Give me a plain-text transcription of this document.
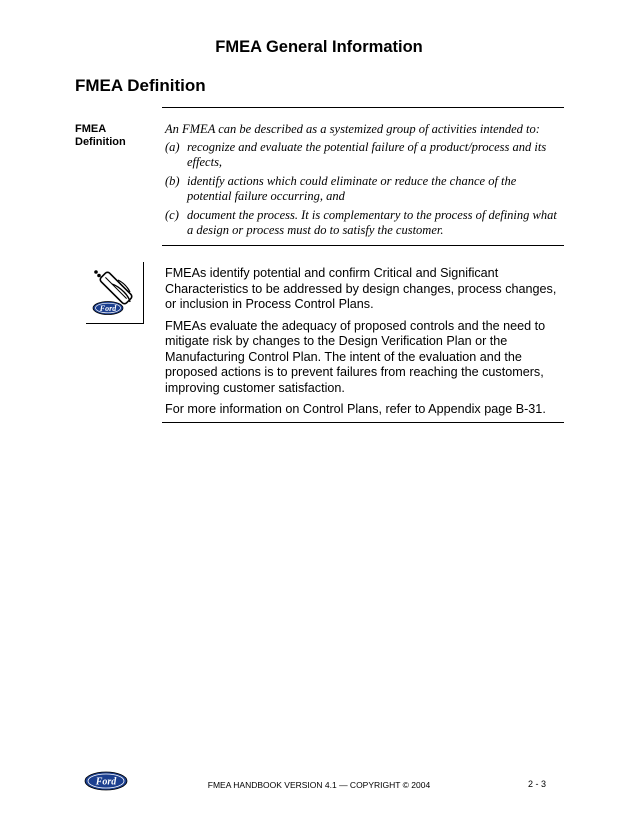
FMEA General Information
FMEA Definition
FMEA
Definition
An FMEA can be described as a systemized group of activities intended to:
(a) recognize and evaluate the potential failure of a product/process and its effects,
(b) identify actions which could eliminate or reduce the chance of the potential failure occurring, and
(c) document the process. It is complementary to the process of defining what a design or process must do to satisfy the customer.
Ford

FMEAs identify potential and confirm Critical and Significant Characteristics to be addressed by design changes, process changes, or inclusion in Process Control Plans.

FMEAs evaluate the adequacy of proposed controls and the need to mitigate risk by changes to the Design Verification Plan or the Manufacturing Control Plan. The intent of the evaluation and the proposed actions is to prevent failures from reaching the customers, improving customer satisfaction.

For more information on Control Plans, refer to Appendix page B-31.

Ford	FMEA HANDBOOK VERSION 4.1 — COPYRIGHT © 2004	2 - 3
